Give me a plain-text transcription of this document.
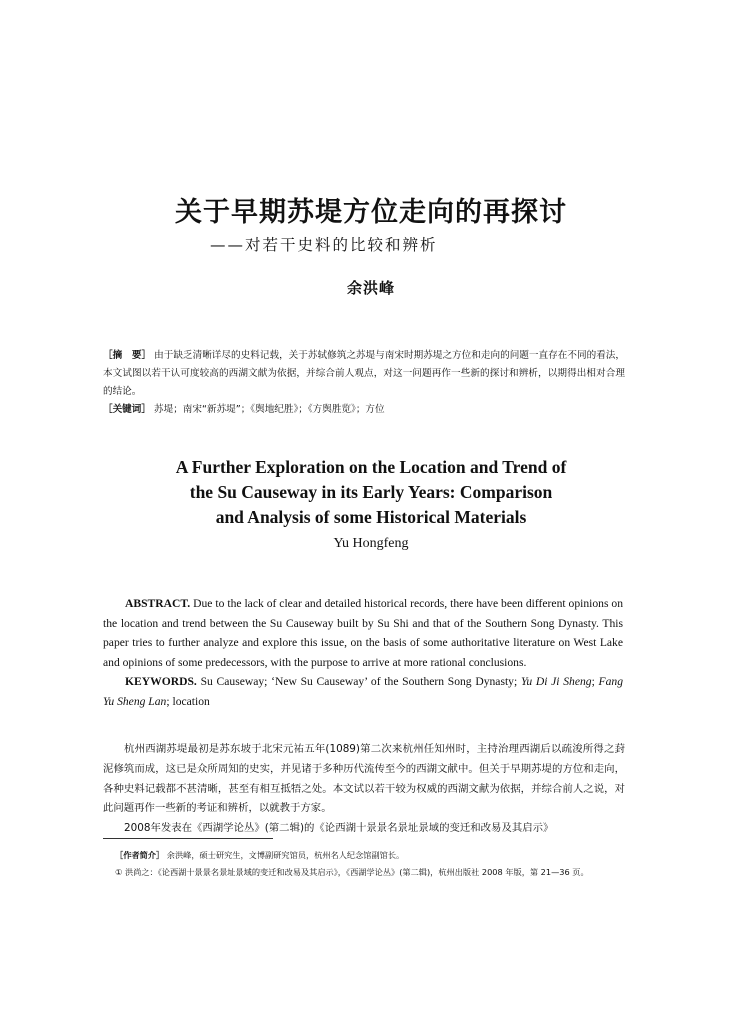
关于早期苏堤方位走向的再探讨
——对若干史料的比较和辨析
余洪峰

［摘　要］ 由于缺乏清晰详尽的史料记载，关于苏轼修筑之苏堤与南宋时期苏堤之方位和走向的问题一直存在不同的看法，本文试图以若干认可度较高的西湖文献为依据，并综合前人观点，对这一问题再作一些新的探讨和辨析，以期得出相对合理的结论。

［关键词］ 苏堤；南宋“新苏堤”；《舆地纪胜》；《方舆胜览》；方位

A Further Exploration on the Location and Trend of
the Su Causeway in its Early Years: Comparison
and Analysis of some Historical Materials
Yu Hongfeng

ABSTRACT. Due to the lack of clear and detailed historical records, there have been different opinions on the location and trend between the Su Causeway built by Su Shi and that of the Southern Song Dynasty. This paper tries to further analyze and explore this issue, on the basis of some authoritative literature on West Lake and opinions of some predecessors, with the purpose to arrive at more rational conclusions.

KEYWORDS. Su Causeway; ‘New Su Causeway’ of the Southern Song Dynasty; Yu Di Ji Sheng; Fang Yu Sheng Lan; location

杭州西湖苏堤最初是苏东坡于北宋元祐五年(1089)第二次来杭州任知州时，主持治理西湖后以疏浚所得之葑泥修筑而成，这已是众所周知的史实，并见诸于多种历代流传至今的西湖文献中。但关于早期苏堤的方位和走向，各种史料记载都不甚清晰，甚至有相互抵牾之处。本文试以若干较为权威的西湖文献为依据，并综合前人之说，对此问题再作一些新的考证和辨析，以就教于方家。

2008年发表在《西湖学论丛》(第二辑)的《论西湖十景景名景址景域的变迁和改易及其启示》

［作者简介］ 余洪峰，硕士研究生，文博副研究馆员，杭州名人纪念馆副馆长。

① 洪尚之：《论西湖十景景名景址景域的变迁和改易及其启示》，《西湖学论丛》(第二辑)，杭州出版社 2008 年版，第 21—36 页。
